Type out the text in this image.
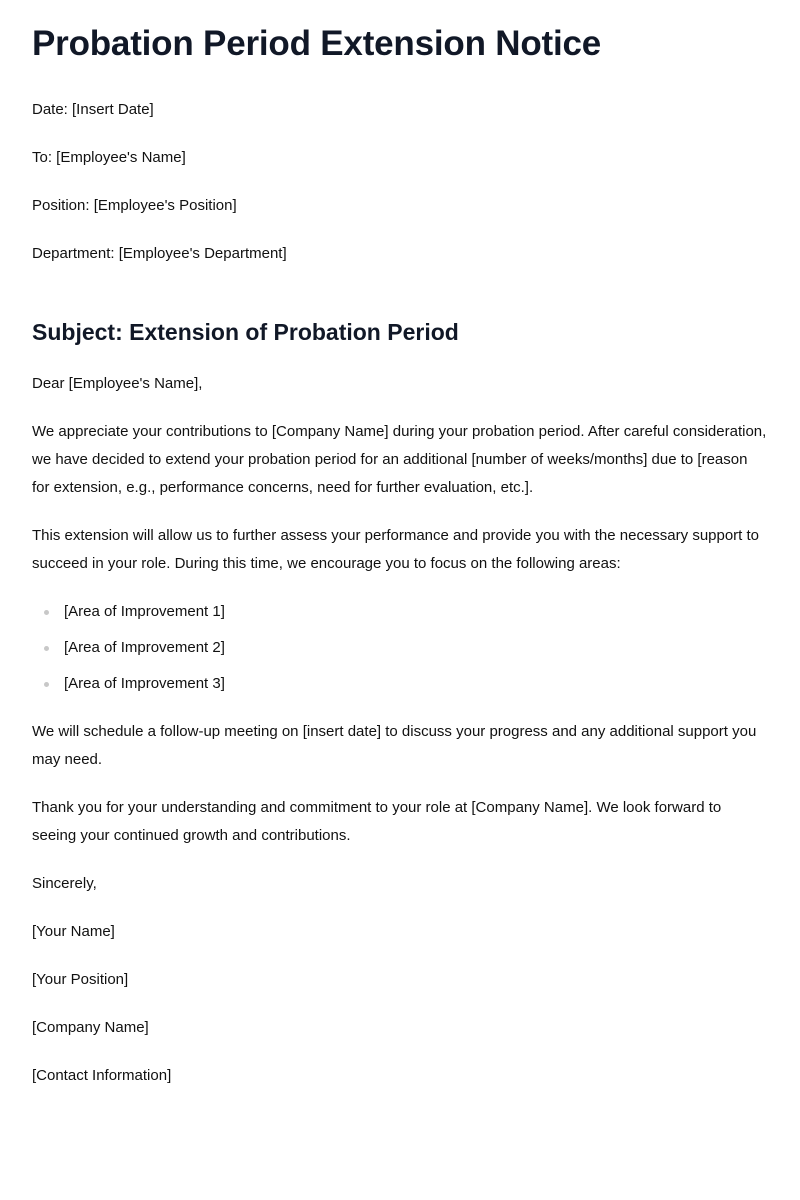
Probation Period Extension Notice

Date: [Insert Date]

To: [Employee's Name]

Position: [Employee's Position]

Department: [Employee's Department]

Subject: Extension of Probation Period

Dear [Employee's Name],

We appreciate your contributions to [Company Name] during your probation period. After careful consideration, we have decided to extend your probation period for an additional [number of weeks/months] due to [reason for extension, e.g., performance concerns, need for further evaluation, etc.].

This extension will allow us to further assess your performance and provide you with the necessary support to succeed in your role. During this time, we encourage you to focus on the following areas:

[Area of Improvement 1]
[Area of Improvement 2]
[Area of Improvement 3]

We will schedule a follow-up meeting on [insert date] to discuss your progress and any additional support you may need.

Thank you for your understanding and commitment to your role at [Company Name]. We look forward to seeing your continued growth and contributions.

Sincerely,

[Your Name]

[Your Position]

[Company Name]

[Contact Information]
